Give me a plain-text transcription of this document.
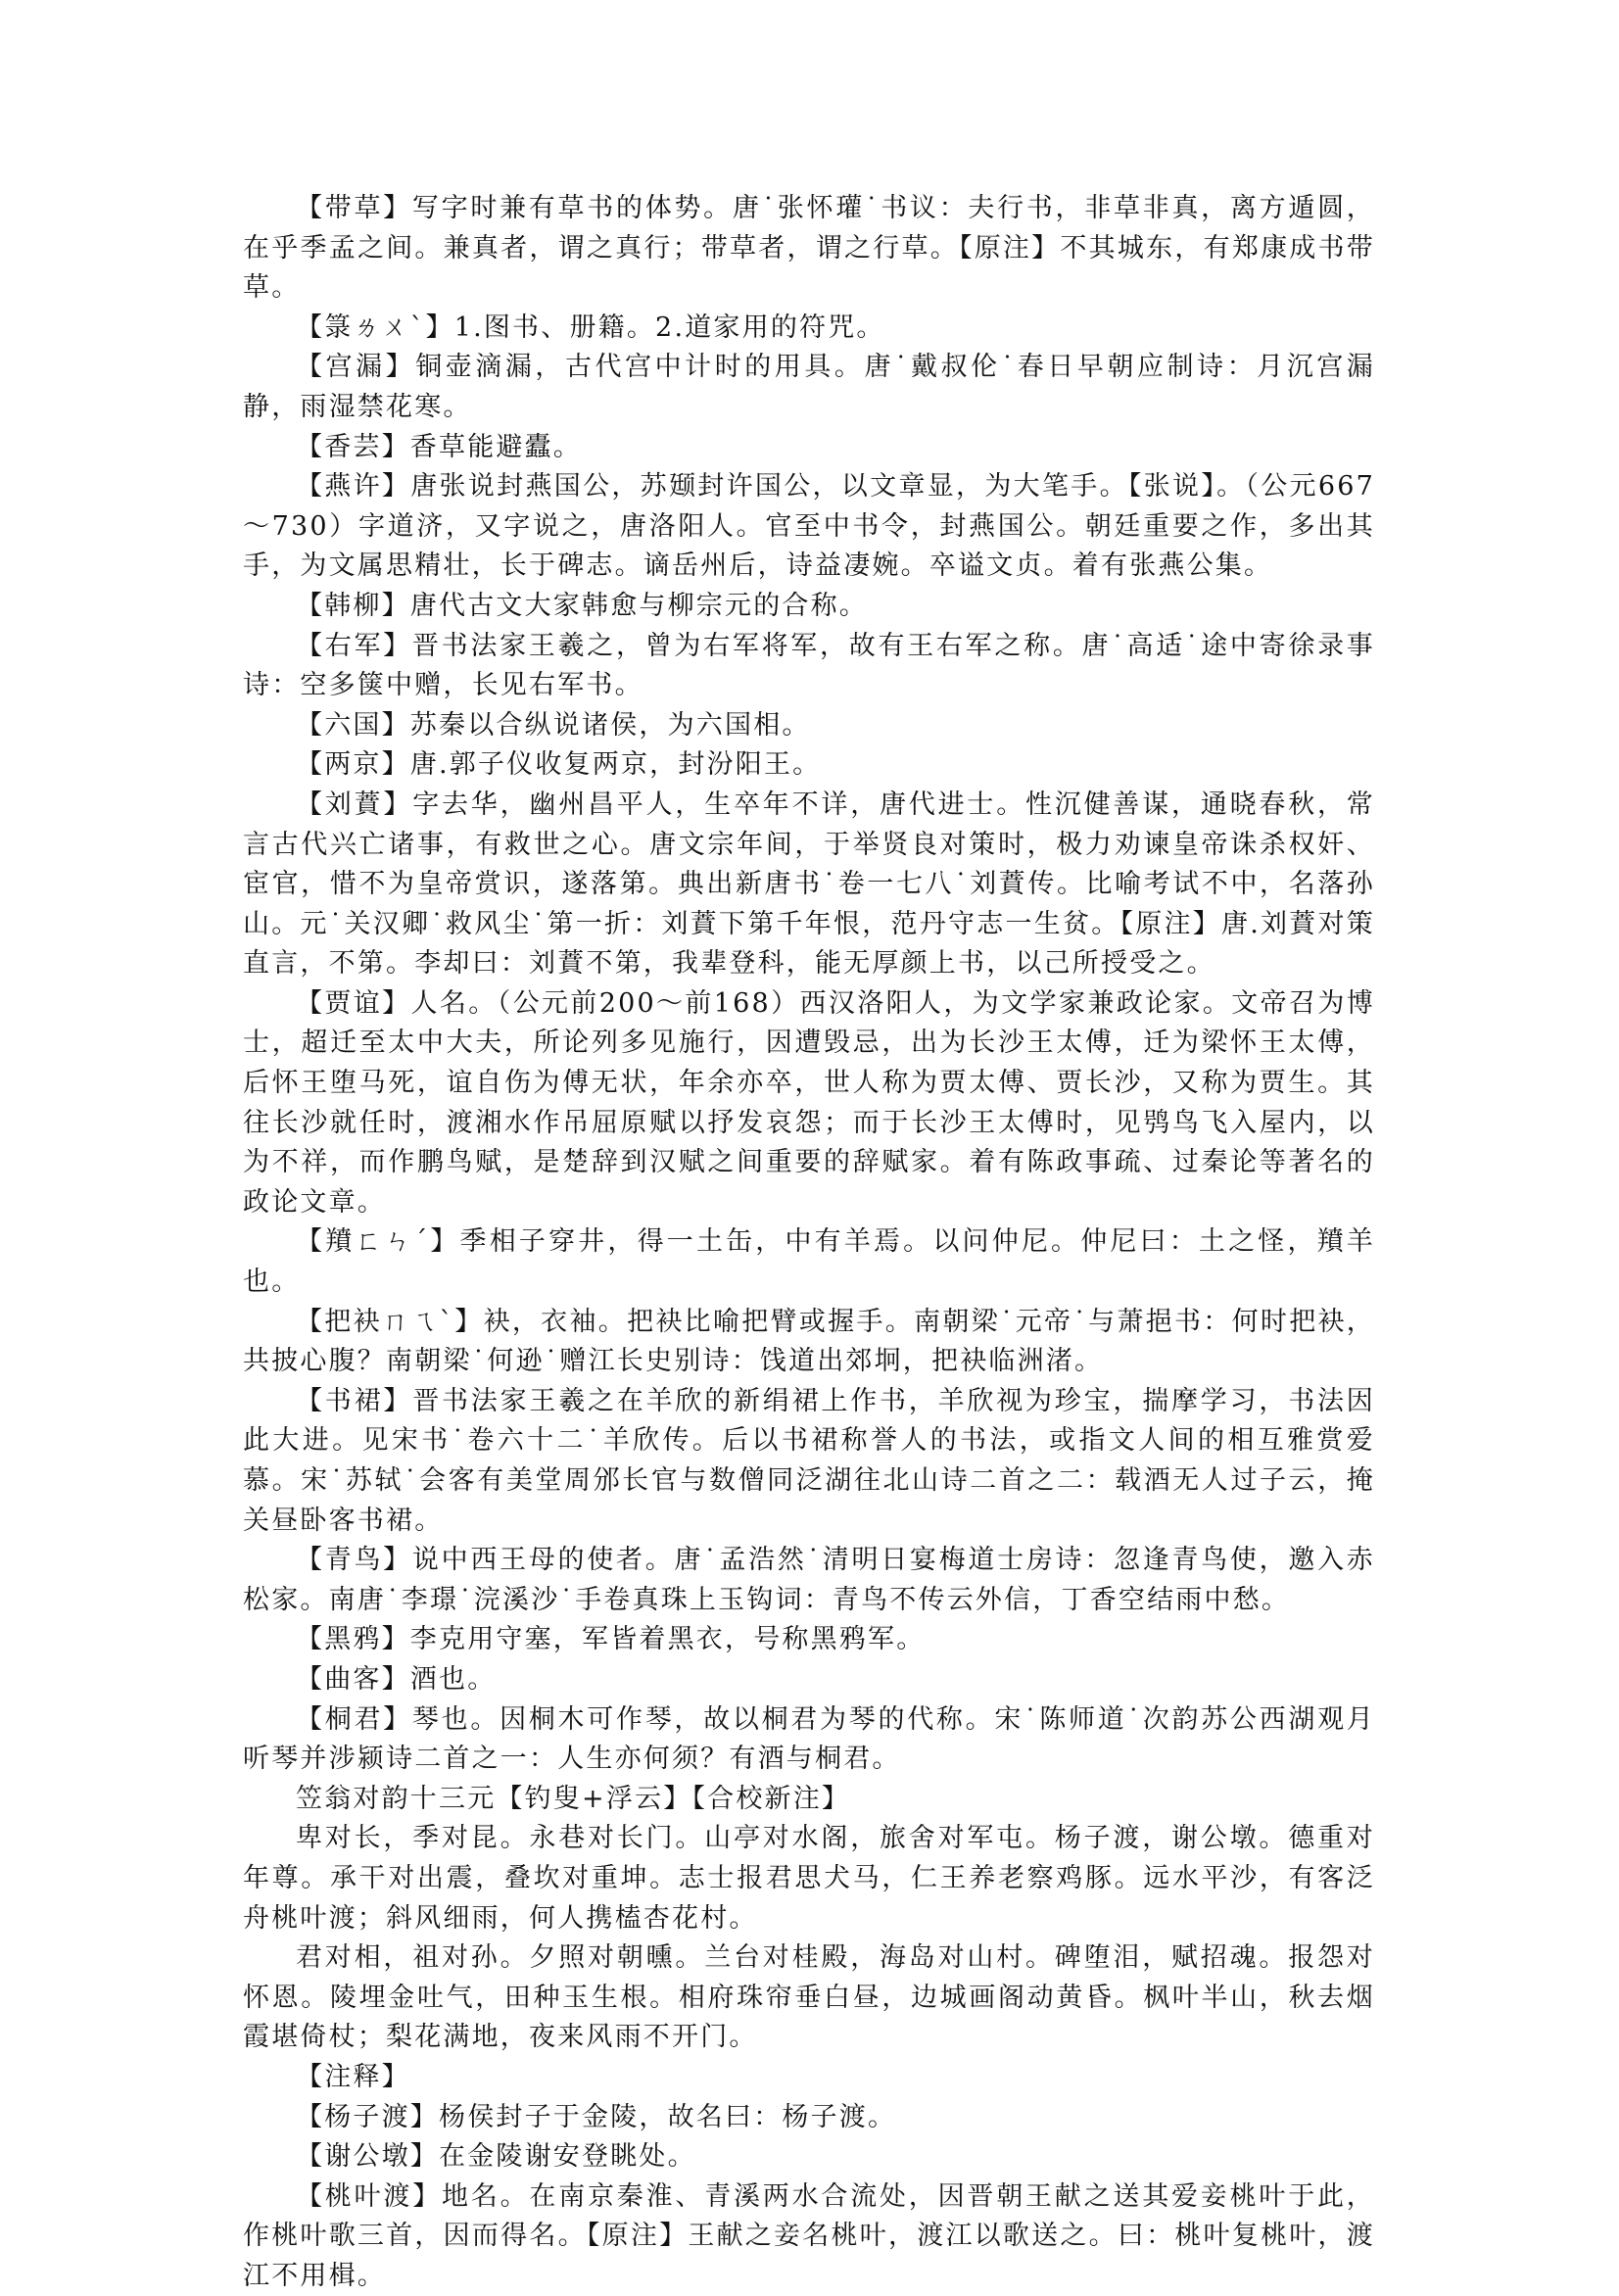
【带草】写字时兼有草书的体势。唐˙张怀瓘˙书议：夫行书，非草非真，离方遁圆，在乎季孟之间。兼真者，谓之真行；带草者，谓之行草。【原注】不其城东，有郑康成书带草。

【箓ㄌㄨˋ】1.图书、册籍。2.道家用的符咒。

【宫漏】铜壶滴漏，古代宫中计时的用具。唐˙戴叔伦˙春日早朝应制诗：月沉宫漏静，雨湿禁花寒。

【香芸】香草能避蠹。

【燕许】唐张说封燕国公，苏颋封许国公，以文章显，为大笔手。【张说】。（公元667～730）字道济，又字说之，唐洛阳人。官至中书令，封燕国公。朝廷重要之作，多出其手，为文属思精壮，长于碑志。谪岳州后，诗益凄婉。卒谥文贞。着有张燕公集。

【韩柳】唐代古文大家韩愈与柳宗元的合称。

【右军】晋书法家王羲之，曾为右军将军，故有王右军之称。唐˙高适˙途中寄徐录事诗：空多箧中赠，长见右军书。

【六国】苏秦以合纵说诸侯，为六国相。

【两京】唐.郭子仪收复两京，封汾阳王。

【刘蕡】字去华，幽州昌平人，生卒年不详，唐代进士。性沉健善谋，通晓春秋，常言古代兴亡诸事，有救世之心。唐文宗年间，于举贤良对策时，极力劝谏皇帝诛杀权奸、宦官，惜不为皇帝赏识，遂落第。典出新唐书˙卷一七八˙刘蕡传。比喻考试不中，名落孙山。元˙关汉卿˙救风尘˙第一折：刘蕡下第千年恨，范丹守志一生贫。【原注】唐.刘蕡对策直言，不第。李却曰：刘蕡不第，我辈登科，能无厚颜上书，以己所授受之。

【贾谊】人名。（公元前200～前168）西汉洛阳人，为文学家兼政论家。文帝召为博士，超迁至太中大夫，所论列多见施行，因遭毁忌，出为长沙王太傅，迁为梁怀王太傅，后怀王堕马死，谊自伤为傅无状，年余亦卒，世人称为贾太傅、贾长沙，又称为贾生。其往长沙就任时，渡湘水作吊屈原赋以抒发哀怨；而于长沙王太傅时，见鸮鸟飞入屋内，以为不祥，而作鹏鸟赋，是楚辞到汉赋之间重要的辞赋家。着有陈政事疏、过秦论等著名的政论文章。

【羵ㄈㄣˊ】季相子穿井，得一土缶，中有羊焉。以问仲尼。仲尼曰：土之怪，羵羊也。

【把袂ㄇㄟˋ】袂，衣袖。把袂比喻把臂或握手。南朝梁˙元帝˙与萧挹书：何时把袂，共披心腹？南朝梁˙何逊˙赠江长史别诗：饯道出郊坰，把袂临洲渚。

【书裙】晋书法家王羲之在羊欣的新绢裙上作书，羊欣视为珍宝，揣摩学习，书法因此大进。见宋书˙卷六十二˙羊欣传。后以书裙称誉人的书法，或指文人间的相互雅赏爱慕。宋˙苏轼˙会客有美堂周邠长官与数僧同泛湖往北山诗二首之二：载酒无人过子云，掩关昼卧客书裙。

【青鸟】说中西王母的使者。唐˙孟浩然˙清明日宴梅道士房诗：忽逢青鸟使，邀入赤松家。南唐˙李璟˙浣溪沙˙手卷真珠上玉钩词：青鸟不传云外信，丁香空结雨中愁。

【黑鸦】李克用守塞，军皆着黑衣，号称黑鸦军。

【曲客】酒也。

【桐君】琴也。因桐木可作琴，故以桐君为琴的代称。宋˙陈师道˙次韵苏公西湖观月听琴并涉颍诗二首之一：人生亦何须？有酒与桐君。

笠翁对韵十三元【钓叟+浮云】【合校新注】

卑对长，季对昆。永巷对长门。山亭对水阁，旅舍对军屯。杨子渡，谢公墩。德重对年尊。承干对出震，叠坎对重坤。志士报君思犬马，仁王养老察鸡豚。远水平沙，有客泛舟桃叶渡；斜风细雨，何人携榼杏花村。

君对相，祖对孙。夕照对朝曛。兰台对桂殿，海岛对山村。碑堕泪，赋招魂。报怨对怀恩。陵埋金吐气，田种玉生根。相府珠帘垂白昼，边城画阁动黄昏。枫叶半山，秋去烟霞堪倚杖；梨花满地，夜来风雨不开门。

【注释】

【杨子渡】杨侯封子于金陵，故名曰：杨子渡。

【谢公墩】在金陵谢安登眺处。

【桃叶渡】地名。在南京秦淮、青溪两水合流处，因晋朝王献之送其爱妾桃叶于此，作桃叶歌三首，因而得名。【原注】王献之妾名桃叶，渡江以歌送之。曰：桃叶复桃叶，渡江不用楫。
